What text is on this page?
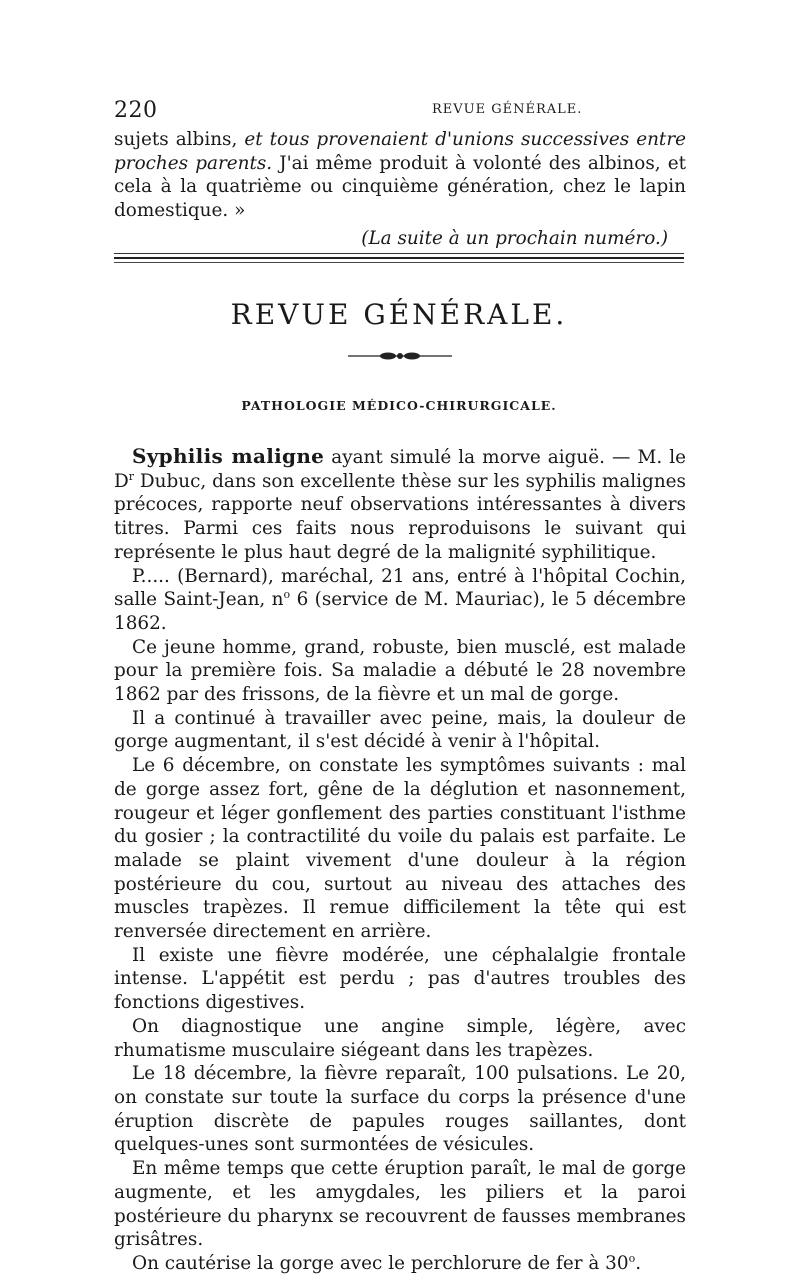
220	REVUE GÉNÉRALE.

sujets albins, et tous provenaient d'unions successives entre proches parents. J'ai même produit à volonté des albinos, et cela à la quatrième ou cinquième génération, chez le lapin domestique. »

(La suite à un prochain numéro.)

REVUE GÉNÉRALE.
PATHOLOGIE MÉDICO-CHIRURGICALE.

Syphilis maligne ayant simulé la morve aiguë. — M. le $D^r$ Dubuc, dans son excellente thèse sur les syphilis malignes précoces, rapporte neuf observations intéressantes à divers titres. Parmi ces faits nous reproduisons le suivant qui représente le plus haut degré de la malignité syphilitique.

P..... (Bernard), maréchal, 21 ans, entré à l'hôpital Cochin, salle Saint-Jean, $n^o$ 6 (service de M. Mauriac), le 5 décembre 1862.

Ce jeune homme, grand, robuste, bien musclé, est malade pour la première fois. Sa maladie a débuté le 28 novembre 1862 par des frissons, de la fièvre et un mal de gorge.

Il a continué à travailler avec peine, mais, la douleur de gorge augmentant, il s'est décidé à venir à l'hôpital.

Le 6 décembre, on constate les symptômes suivants : mal de gorge assez fort, gêne de la déglution et nasonnement, rougeur et léger gonflement des parties constituant l'isthme du gosier ; la contractilité du voile du palais est parfaite. Le malade se plaint vivement d'une douleur à la région postérieure du cou, surtout au niveau des attaches des muscles trapèzes. Il remue difficilement la tête qui est renversée directement en arrière.

Il existe une fièvre modérée, une céphalalgie frontale intense. L'appétit est perdu ; pas d'autres troubles des fonctions digestives.

On diagnostique une angine simple, légère, avec rhumatisme musculaire siégeant dans les trapèzes.

Le 18 décembre, la fièvre reparaît, 100 pulsations. Le 20, on constate sur toute la surface du corps la présence d'une éruption discrète de papules rouges saillantes, dont quelques-unes sont surmontées de vésicules.

En même temps que cette éruption paraît, le mal de gorge augmente, et les amygdales, les piliers et la paroi postérieure du pharynx se recouvrent de fausses membranes grisâtres.

On cautérise la gorge avec le perchlorure de fer à 30$^o$.
